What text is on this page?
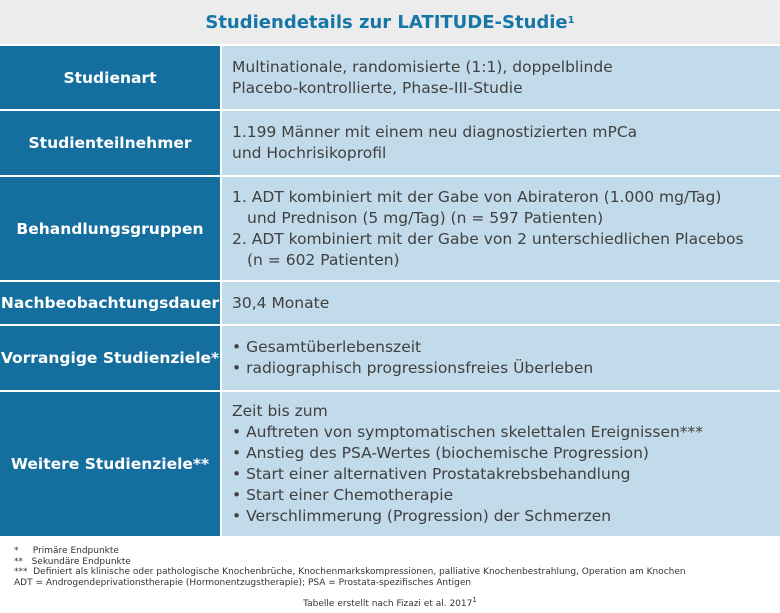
Studiendetails zur LATITUDE-Studie$^1$
Studienart
Multinationale, randomisierte (1:1), doppelblinde
Placebo-kontrollierte, Phase-III-Studie
Studienteilnehmer
1.199 Männer mit einem neu diagnostizierten mPCa
und Hochrisikoprofil
Behandlungsgruppen
1. ADT kombiniert mit der Gabe von Abirateron (1.000 mg/Tag)
und Prednison (5 mg/Tag) (n = 597 Patienten)
2. ADT kombiniert mit der Gabe von 2 unterschiedlichen Placebos
(n = 602 Patienten)
Nachbeobachtungsdauer 30,4 Monate
Vorrangige Studienziele*
• Gesamtüberlebenszeit
• radiographisch progressionsfreies Überleben
Weitere Studienziele**
Zeit bis zum
• Auftreten von symptomatischen skelettalen Ereignissen***
• Anstieg des PSA-Wertes (biochemische Progression)
• Start einer alternativen Prostatakrebsbehandlung
• Start einer Chemotherapie
• Verschlimmerung (Progression) der Schmerzen
*     Primäre Endpunkte
**   Sekundäre Endpunkte
***  Definiert als klinische oder pathologische Knochenbrüche, Knochenmarkskompressionen, palliative Knochenbestrahlung, Operation am Knochen
ADT = Androgendeprivationstherapie (Hormonentzugstherapie); PSA = Prostata-spezifisches Antigen
Tabelle erstellt nach Fizazi et al. 2017$^1$
